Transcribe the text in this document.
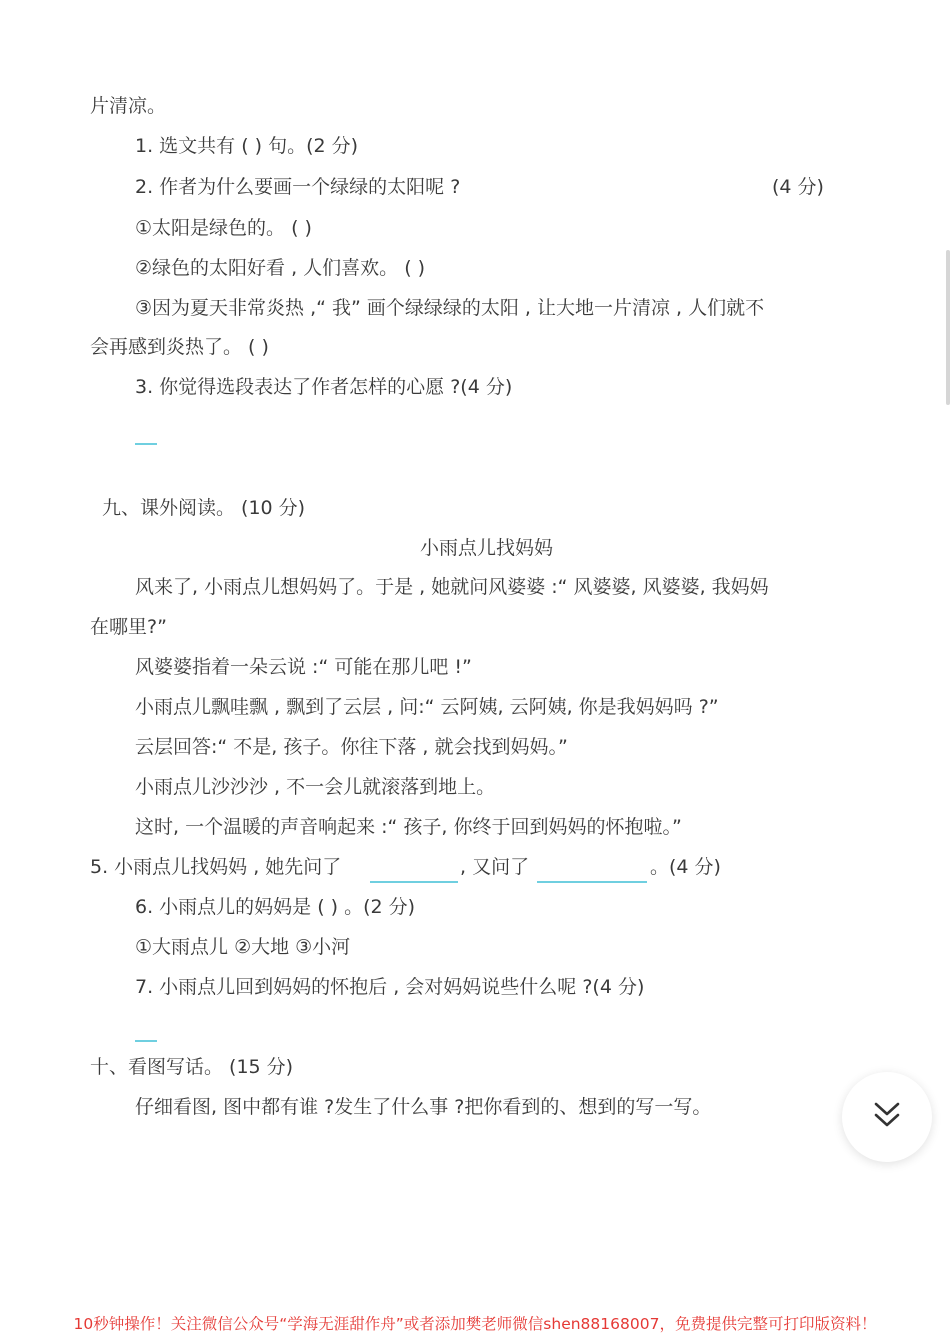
片清凉。
1. 选文共有 ( ) 句。(2 分)
2. 作者为什么要画一个绿绿的太阳呢 ?	(4 分)
①太阳是绿色的。 ( )
②绿色的太阳好看 , 人们喜欢。 ( )
③因为夏天非常炎热 ,“ 我” 画个绿绿绿的太阳 , 让大地一片清凉 , 人们就不
会再感到炎热了。 ( )
3. 你觉得选段表达了作者怎样的心愿 ?(4 分)
九、课外阅读。 (10 分)
小雨点儿找妈妈
风来了, 小雨点儿想妈妈了。于是 , 她就问风婆婆 :“ 风婆婆, 风婆婆, 我妈妈
在哪里?”
风婆婆指着一朵云说 :“ 可能在那儿吧 !”
小雨点儿飘哇飘 , 飘到了云层 , 问:“ 云阿姨, 云阿姨, 你是我妈妈吗 ?”
云层回答:“ 不是, 孩子。你往下落 , 就会找到妈妈。”
小雨点儿沙沙沙 , 不一会儿就滚落到地上。
这时, 一个温暖的声音响起来 :“ 孩子, 你终于回到妈妈的怀抱啦。”
5. 小雨点儿找妈妈 , 她先问了	, 又问了	。(4 分)
6. 小雨点儿的妈妈是 ( ) 。(2 分)
①大雨点儿 ②大地 ③小河
7. 小雨点儿回到妈妈的怀抱后 , 会对妈妈说些什么呢 ?(4 分)
十、看图写话。 (15 分)
仔细看图, 图中都有谁 ?发生了什么事 ?把你看到的、想到的写一写。
10秒钟操作！关注微信公众号“学海无涯甜作舟”或者添加樊老师微信shen88168007，免费提供完整可打印版资料！
